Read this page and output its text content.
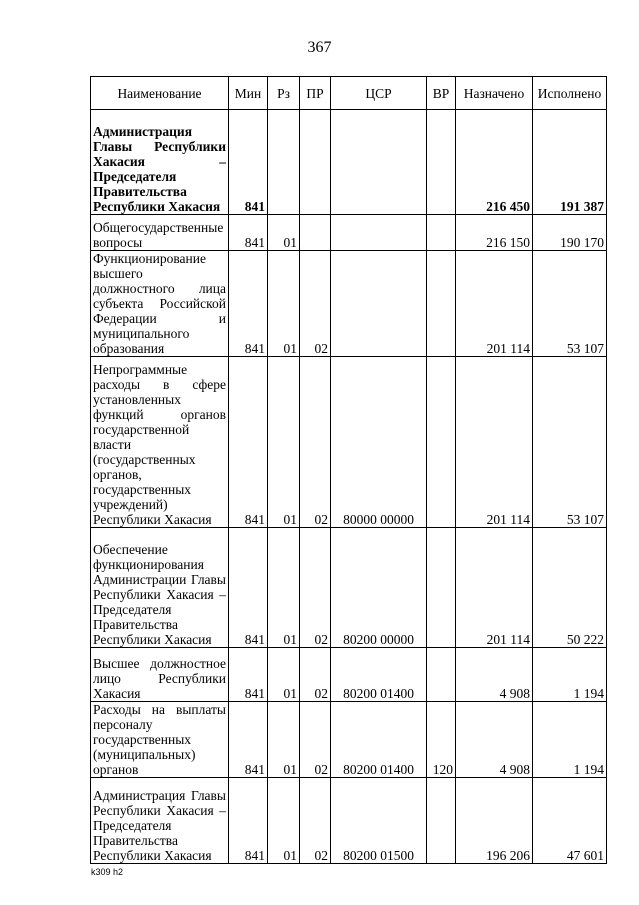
367
Наименование	Мин	Рз	ПР	ЦСР	ВР	Назначено	Исполнено
Администрация Главы Республики Хакасия – Председателя Правительства Республики Хакасия	841					216 450	191 387
Общегосударственные вопросы	841	01				216 150	190 170
Функционирование высшего должностного лица субъекта Российской Федерации и муниципального образования	841	01	02			201 114	53 107
Непрограммные расходы в сфере установленных функций органов государственной власти (государственных органов, государственных учреждений) Республики Хакасия	841	01	02	80000 00000		201 114	53 107
Обеспечение функционирования Администрации Главы Республики Хакасия – Председателя Правительства Республики Хакасия	841	01	02	80200 00000		201 114	50 222
Высшее должностное лицо Республики Хакасия	841	01	02	80200 01400		4 908	1 194
Расходы на выплаты персоналу государственных (муниципальных) органов	841	01	02	80200 01400	120	4 908	1 194
Администрация Главы Республики Хакасия – Председателя Правительства Республики Хакасия	841	01	02	80200 01500		196 206	47 601
k309 h2
